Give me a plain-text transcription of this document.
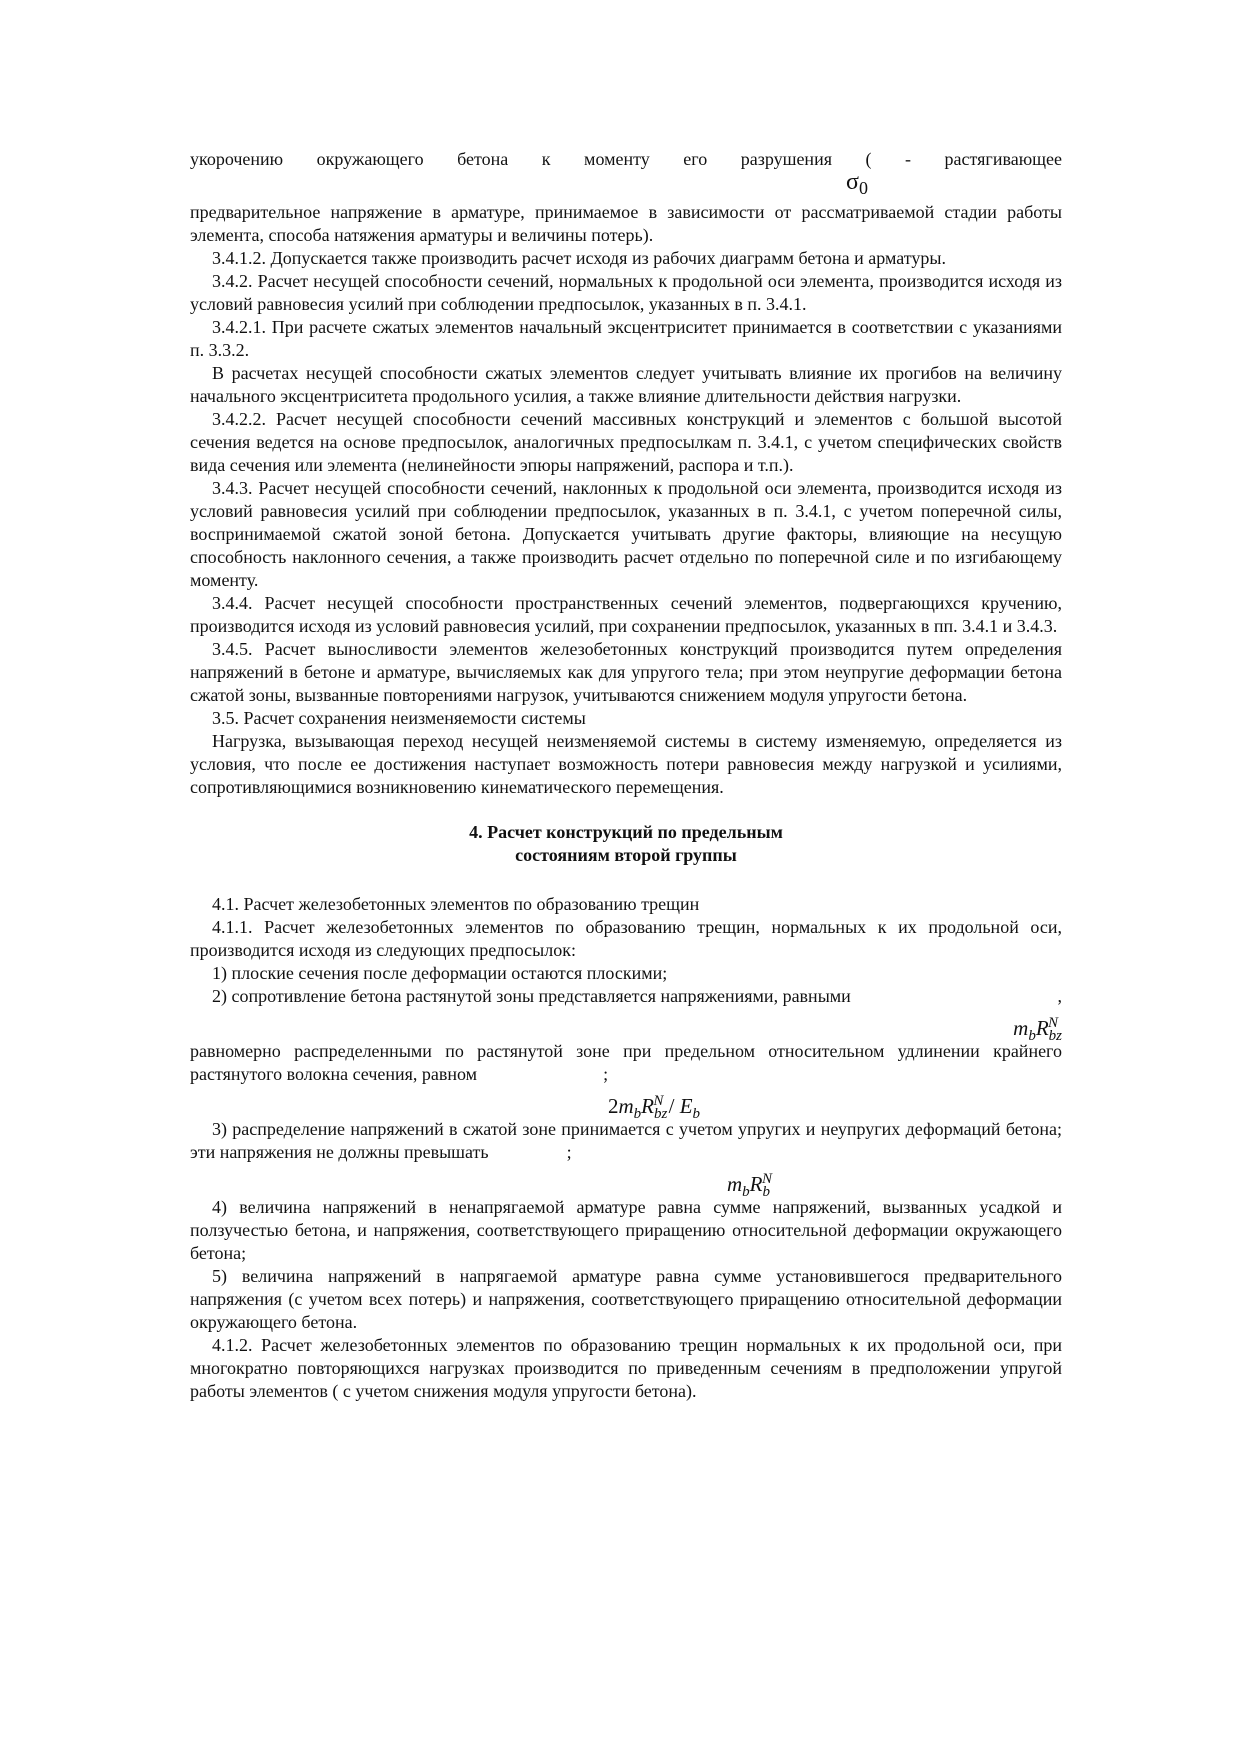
укорочению окружающего бетона к моменту его разрушения ( - растягивающее

$\sigma_0$

предварительное напряжение в арматуре, принимаемое в зависимости от рассматриваемой стадии работы элемента, способа натяжения арматуры и величины потерь).

3.4.1.2. Допускается также производить расчет исходя из рабочих диаграмм бетона и арматуры.

3.4.2. Расчет несущей способности сечений, нормальных к продольной оси элемента, производится исходя из условий равновесия усилий при соблюдении предпосылок, указанных в п. 3.4.1.

3.4.2.1. При расчете сжатых элементов начальный эксцентриситет принимается в соответствии с указаниями п. 3.3.2.

В расчетах несущей способности сжатых элементов следует учитывать влияние их прогибов на величину начального эксцентриситета продольного усилия, а также влияние длительности действия нагрузки.

3.4.2.2. Расчет несущей способности сечений массивных конструкций и элементов с большой высотой сечения ведется на основе предпосылок, аналогичных предпосылкам п. 3.4.1, с учетом специфических свойств вида сечения или элемента (нелинейности эпюры напряжений, распора и т.п.).

3.4.3. Расчет несущей способности сечений, наклонных к продольной оси элемента, производится исходя из условий равновесия усилий при соблюдении предпосылок, указанных в п. 3.4.1, с учетом поперечной силы, воспринимаемой сжатой зоной бетона. Допускается учитывать другие факторы, влияющие на несущую способность наклонного сечения, а также производить расчет отдельно по поперечной силе и по изгибающему моменту.

3.4.4. Расчет несущей способности пространственных сечений элементов, подвергающихся кручению, производится исходя из условий равновесия усилий, при сохранении предпосылок, указанных в пп. 3.4.1 и 3.4.3.

3.4.5. Расчет выносливости элементов железобетонных конструкций производится путем определения напряжений в бетоне и арматуре, вычисляемых как для упругого тела; при этом неупругие деформации бетона сжатой зоны, вызванные повторениями нагрузок, учитываются снижением модуля упругости бетона.

3.5. Расчет сохранения неизменяемости системы

Нагрузка, вызывающая переход несущей неизменяемой системы в систему изменяемую, определяется из условия, что после ее достижения наступает возможность потери равновесия между нагрузкой и усилиями, сопротивляющимися возникновению кинематического перемещения.

4. Расчет конструкций по предельным
состояниям второй группы

4.1. Расчет железобетонных элементов по образованию трещин

4.1.1. Расчет железобетонных элементов по образованию трещин, нормальных к их продольной оси, производится исходя из следующих предпосылок:

1) плоские сечения после деформации остаются плоскими;

2) сопротивление бетона растянутой зоны представляется напряжениями, равными	,
$m_bR_{bz}^N$

равномерно распределенными по растянутой зоне при предельном относительном удлинении крайнего растянутого волокна сечения, равном	;

$2m_bR_{bz}^N / E_b$

3) распределение напряжений в сжатой зоне принимается с учетом упругих и неупругих деформаций бетона; эти напряжения не должны превышать	;

$m_bR_b^N$

4) величина напряжений в ненапрягаемой арматуре равна сумме напряжений, вызванных усадкой и ползучестью бетона, и напряжения, соответствующего приращению относительной деформации окружающего бетона;

5) величина напряжений в напрягаемой арматуре равна сумме установившегося предварительного напряжения (с учетом всех потерь) и напряжения, соответствующего приращению относительной деформации окружающего бетона.

4.1.2. Расчет железобетонных элементов по образованию трещин нормальных к их продольной оси, при многократно повторяющихся нагрузках производится по приведенным сечениям в предположении упругой работы элементов ( с учетом снижения модуля упругости бетона).
